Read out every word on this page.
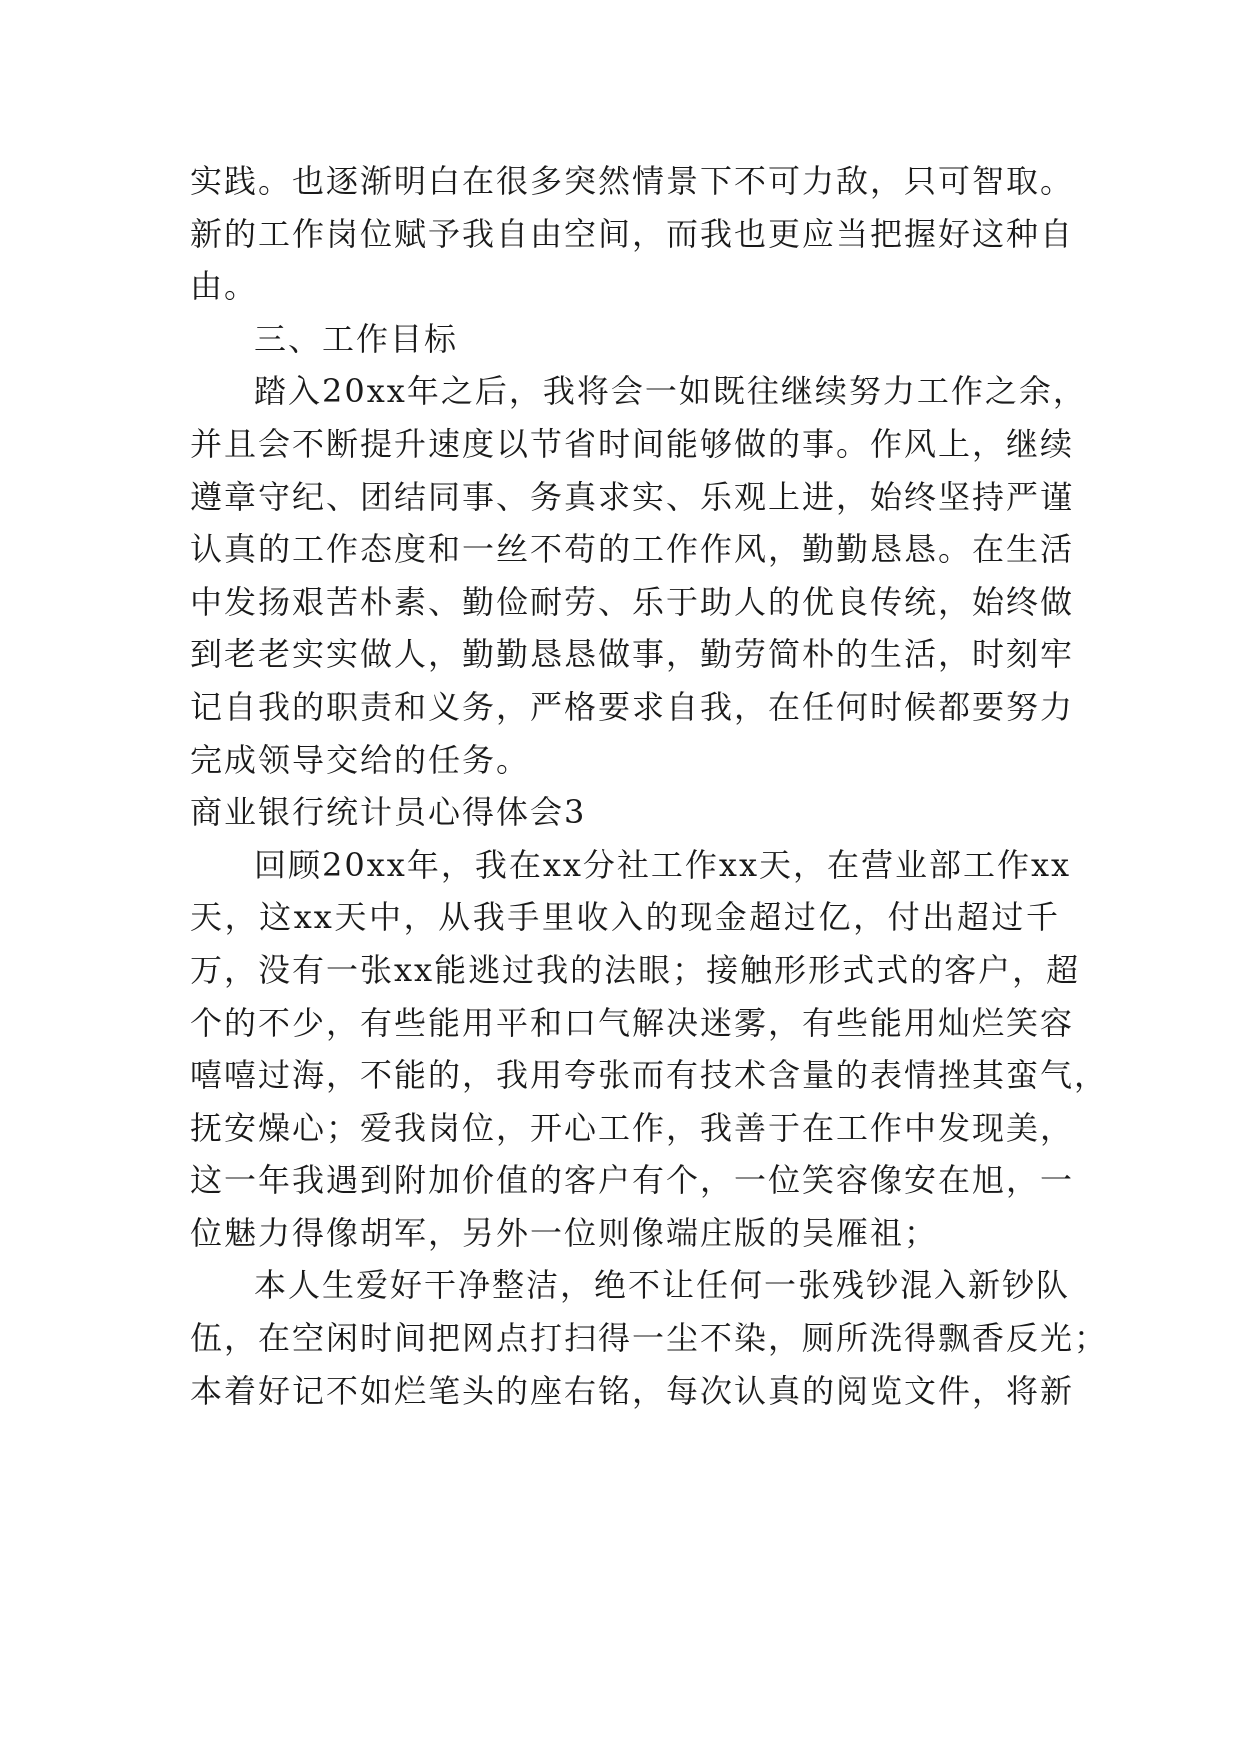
实践。也逐渐明白在很多突然情景下不可力敌，只可智取。
新的工作岗位赋予我自由空间，而我也更应当把握好这种自
由。
三、工作目标
踏入20xx年之后，我将会一如既往继续努力工作之余，
并且会不断提升速度以节省时间能够做的事。作风上，继续
遵章守纪、团结同事、务真求实、乐观上进，始终坚持严谨
认真的工作态度和一丝不苟的工作作风，勤勤恳恳。在生活
中发扬艰苦朴素、勤俭耐劳、乐于助人的优良传统，始终做
到老老实实做人，勤勤恳恳做事，勤劳简朴的生活，时刻牢
记自我的职责和义务，严格要求自我，在任何时候都要努力
完成领导交给的任务。
商业银行统计员心得体会3
回顾20xx年，我在xx分社工作xx天，在营业部工作xx
天，这xx天中，从我手里收入的现金超过亿，付出超过千
万，没有一张xx能逃过我的法眼；接触形形式式的客户，超
个的不少，有些能用平和口气解决迷雾，有些能用灿烂笑容
嘻嘻过海，不能的，我用夸张而有技术含量的表情挫其蛮气，
抚安燥心；爱我岗位，开心工作，我善于在工作中发现美，
这一年我遇到附加价值的客户有个，一位笑容像安在旭，一
位魅力得像胡军，另外一位则像端庄版的吴雁祖；
本人生爱好干净整洁，绝不让任何一张残钞混入新钞队
伍，在空闲时间把网点打扫得一尘不染，厕所洗得飘香反光；
本着好记不如烂笔头的座右铭，每次认真的阅览文件，将新
